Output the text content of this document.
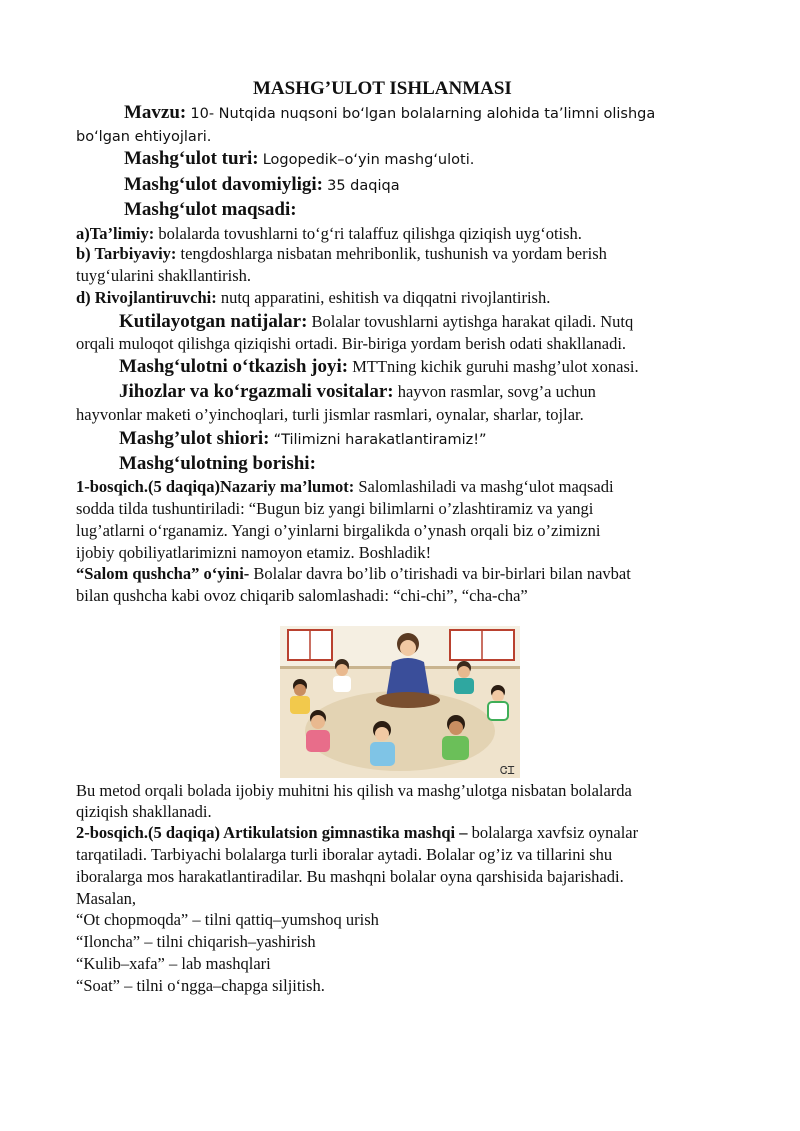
MASHG’ULOT ISHLANMASI
Mavzu: 10- Nutqida nuqsoni bo‘lgan bolalarning alohida ta’limni olishga
bo‘lgan ehtiyojlari.
Mashg‘ulot turi: Logopedik–o‘yin mashg‘uloti.
Mashg‘ulot davomiyligi: 35 daqiqa
Mashg‘ulot maqsadi:
a)Ta’limiy: bolalarda tovushlarni to‘g‘ri talaffuz qilishga qiziqish uyg‘otish.
b) Tarbiyaviy: tengdoshlarga nisbatan mehribonlik, tushunish va yordam berish
tuyg‘ularini shakllantirish.
d) Rivojlantiruvchi: nutq apparatini, eshitish va diqqatni rivojlantirish.
Kutilayotgan natijalar: Bolalar tovushlarni aytishga harakat qiladi. Nutq
orqali muloqot qilishga qiziqishi ortadi. Bir-biriga yordam berish odati shakllanadi.
Mashg‘ulotni o‘tkazish joyi: MTTning kichik guruhi mashg’ulot xonasi.
Jihozlar va ko‘rgazmali vositalar: hayvon rasmlar, sovg’a uchun
hayvonlar maketi o’yinchoqlari, turli jismlar rasmlari, oynalar, sharlar, tojlar.
Mashg’ulot shiori: “Tilimizni harakatlantiramiz!”
Mashg‘ulotning borishi:
1-bosqich.(5 daqiqa)Nazariy ma’lumot: Salomlashiladi va mashg‘ulot maqsadi
sodda tilda tushuntiriladi: “Bugun biz yangi bilimlarni o’zlashtiramiz va yangi
lug’atlarni o‘rganamiz. Yangi o’yinlarni birgalikda o’ynash orqali biz o’zimizni
ijobiy qobiliyatlarimizni namoyon etamiz. Boshladik!
“Salom qushcha” o‘yini- Bolalar davra bo’lib o’tirishadi va bir-birlari bilan navbat
bilan qushcha kabi ovoz chiqarib salomlashadi: “chi-chi”, “cha-cha”
ᏣᏆ
Bu metod orqali bolada ijobiy muhitni his qilish va mashg’ulotga nisbatan bolalarda
qiziqish shakllanadi.
2-bosqich.(5 daqiqa) Artikulatsion gimnastika mashqi – bolalarga xavfsiz oynalar
tarqatiladi. Tarbiyachi bolalarga turli iboralar aytadi. Bolalar og’iz va tillarini shu
iboralarga mos harakatlantiradilar. Bu mashqni bolalar oyna qarshisida bajarishadi.
Masalan,
“Ot chopmoqda” – tilni qattiq–yumshoq urish
“Iloncha” – tilni chiqarish–yashirish
“Kulib–xafa” – lab mashqlari
“Soat” – tilni o‘ngga–chapga siljitish.
